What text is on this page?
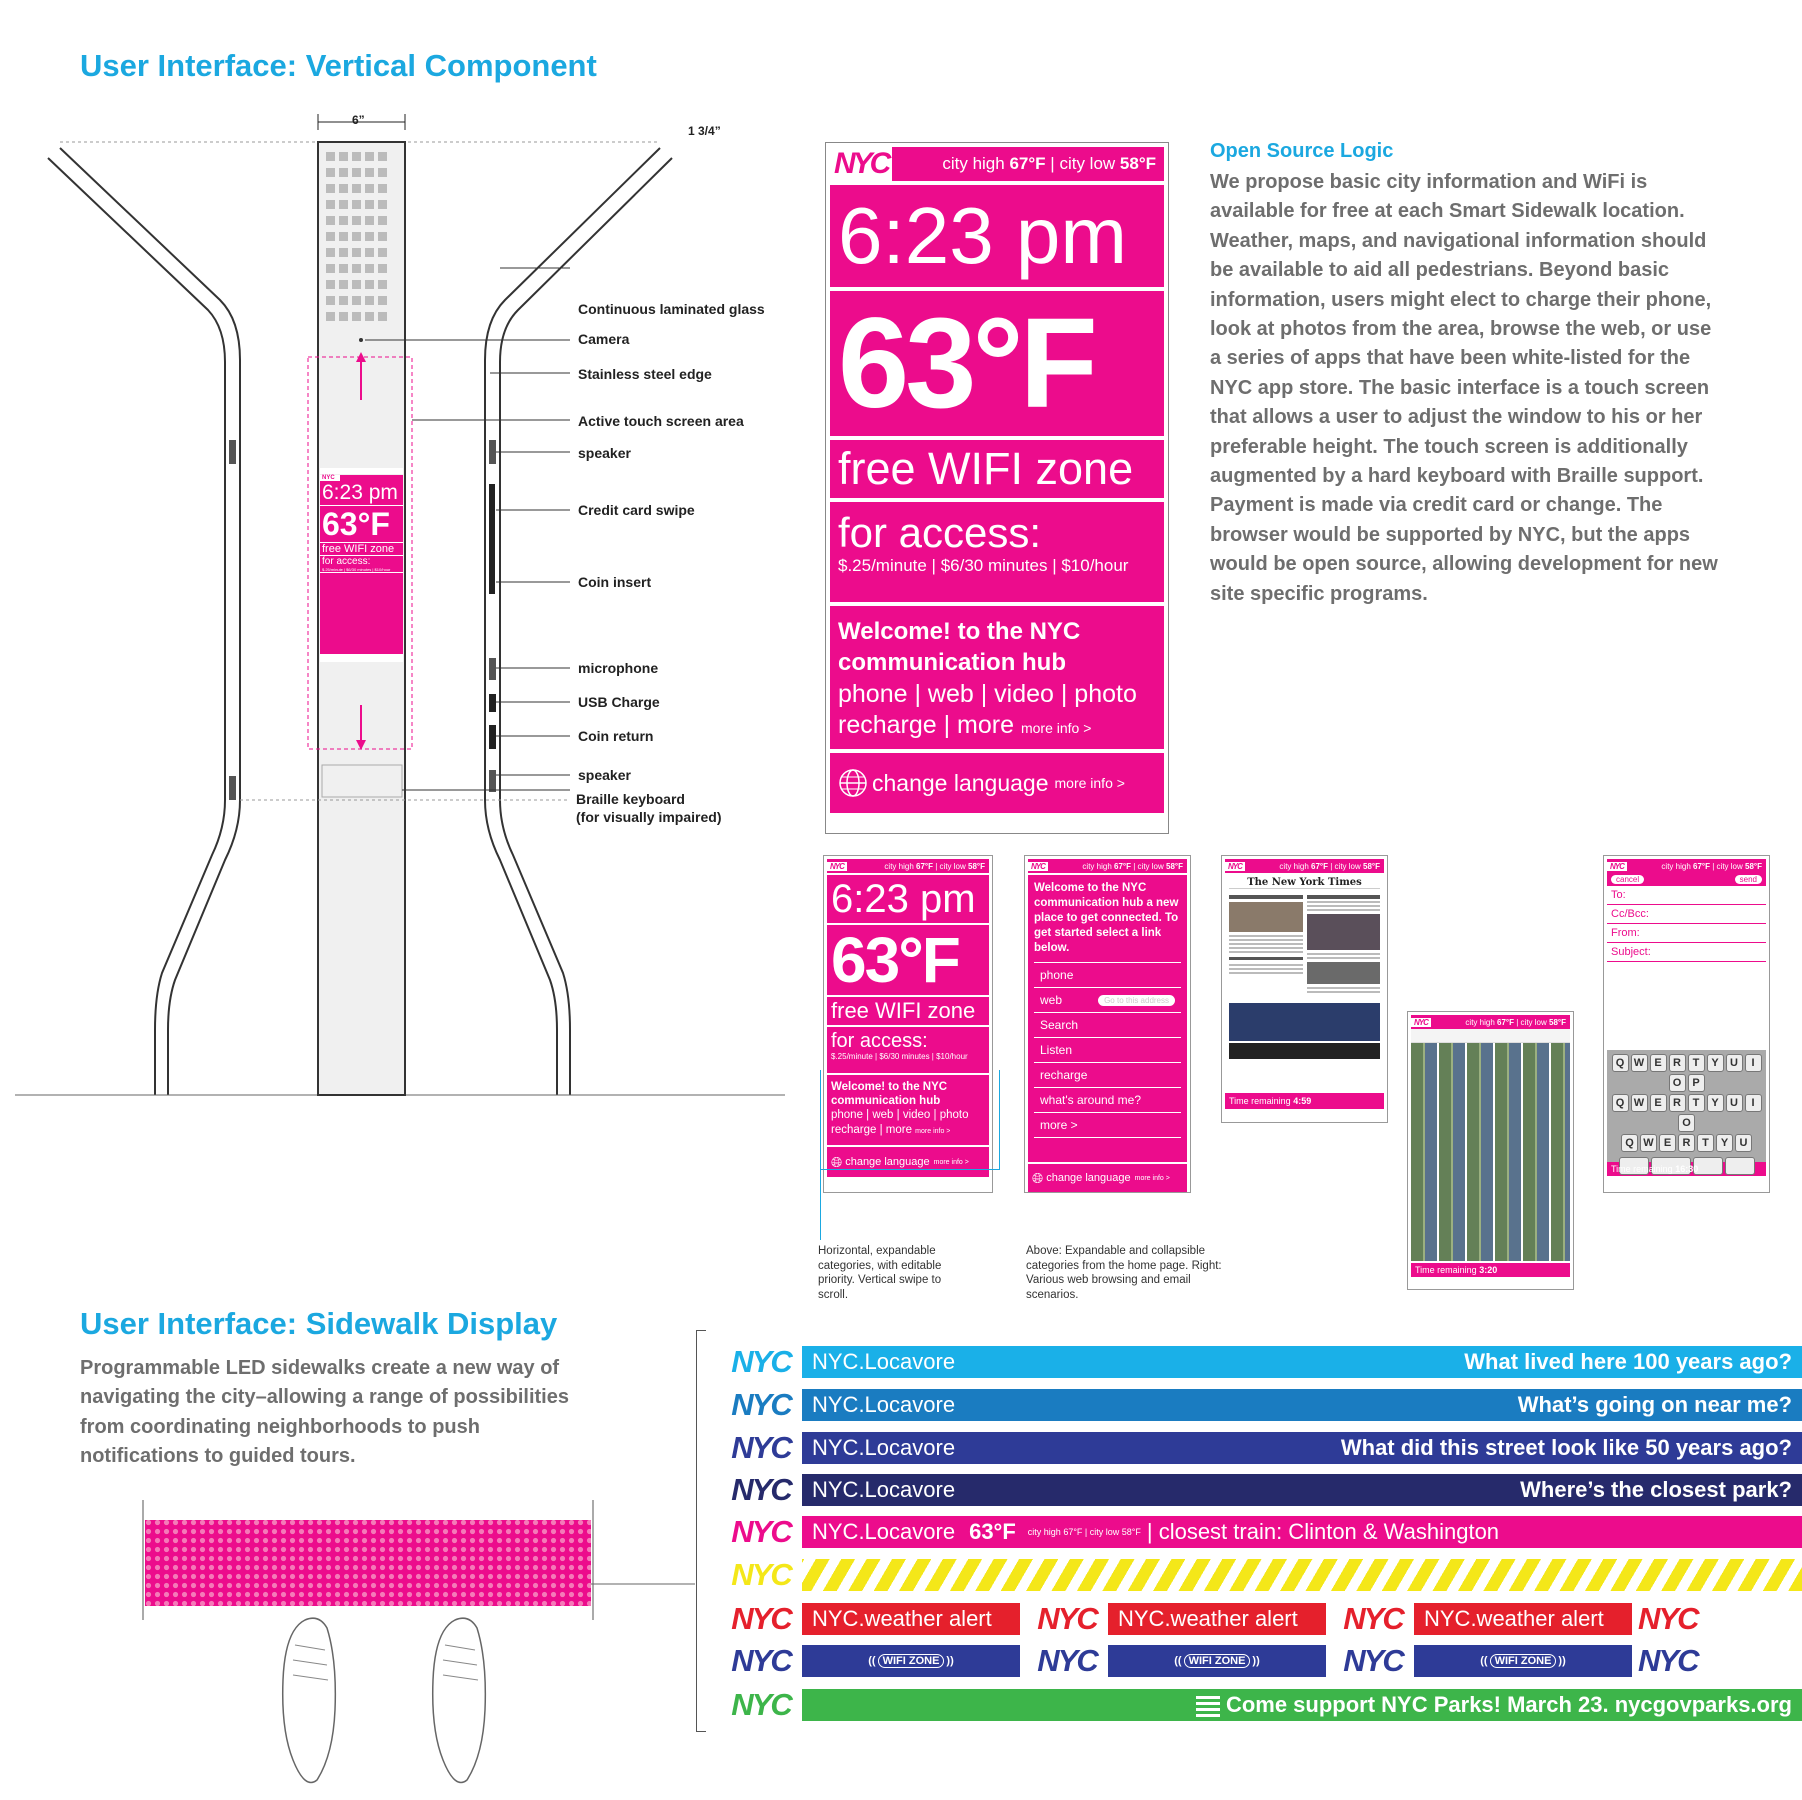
User Interface: Vertical Component
User Interface: Sidewalk Display
6”
1 3/4”
NYC
6:23 pm
63°F
free WIFI zone
for access:
$.25/minute | $6/30 minutes | $10/hour
Continuous laminated glass
Camera
Stainless steel edge
Active touch screen area
speaker
Credit card swipe
Coin insert
microphone
USB Charge
Coin return
speaker
Braille keyboard
(for visually impaired)
NYC	city high 67°F | city low 58°F
6:23 pm
63°F
free WIFI zone
for access:
$.25/minute | $6/30 minutes | $10/hour
Welcome! to the NYC communication hub
phone | web | video | photo
recharge | more more info >
change language more info >
Open Source Logic
We propose basic city information and WiFi is available for free at each Smart Sidewalk location. Weather, maps, and navigational information should be available to aid all pedestrians. Beyond basic information, users might elect to charge their phone, look at photos from the area, browse the web, or use a series of apps that have been white-listed for the NYC app store. The basic interface is a touch screen that allows a user to adjust the window to his or her preferable height. The touch screen is additionally augmented by a hard keyboard with Braille support. Payment is made via credit card or change. The browser would be supported by NYC, but the apps would be open source, allowing development for new site specific programs.
NYC	city high 67°F | city low 58°F
6:23 pm
63°F
free WIFI zone
for access:
$.25/minute | $6/30 minutes | $10/hour
Welcome! to the NYC communication hub
phone | web | video | photo
recharge | more more info >
🌐︎ change language more info >
NYC	city high 67°F | city low 58°F
Welcome to the NYC communication hub a new place to get connected. To get started select a link below.
phone
web	Go to this address
Search
Listen
recharge
what's around me?
more >
🌐︎ change language more info >
NYC	city high 67°F | city low 58°F
The New York Times
Time remaining
4:59
NYC	city high 67°F | city low 58°F
Time remaining
3:20
NYC	city high 67°F | city low 58°F
cancel	send
To:
Cc/Bcc:
From:
Subject:
Q W E R T Y U IO P
Q W E R T Y U IO
Q W E R T Y U
Time remaining
16:30
Horizontal, expandable categories, with editable priority. Vertical swipe to scroll.
Above: Expandable and collapsible categories from the home page. Right: Various web browsing and email scenarios.
Programmable LED sidewalks create a new way of navigating the city–allowing a range of possibilities from coordinating neighborhoods to push notifications to guided tours.
NYC NYC.Locavore	What lived here 100 years ago?
NYC NYC.Locavore	What’s going on near me?
NYC NYC.Locavore	What did this street look like 50 years ago?
NYC NYC.Locavore	Where’s the closest park?
NYC NYC.Locavore 63°F city high 67°F | city low 58°F | closest train: Clinton & Washington
NYC
NYC NYC.weather alert	NYC NYC.weather alert	NYC NYC.weather alert	NYC
NYC	(( WIFI ZONE ))	NYC	(( WIFI ZONE ))	NYC	(( WIFI ZONE )) NYC
NYC	Come support NYC Parks! March 23. nycgovparks.org
